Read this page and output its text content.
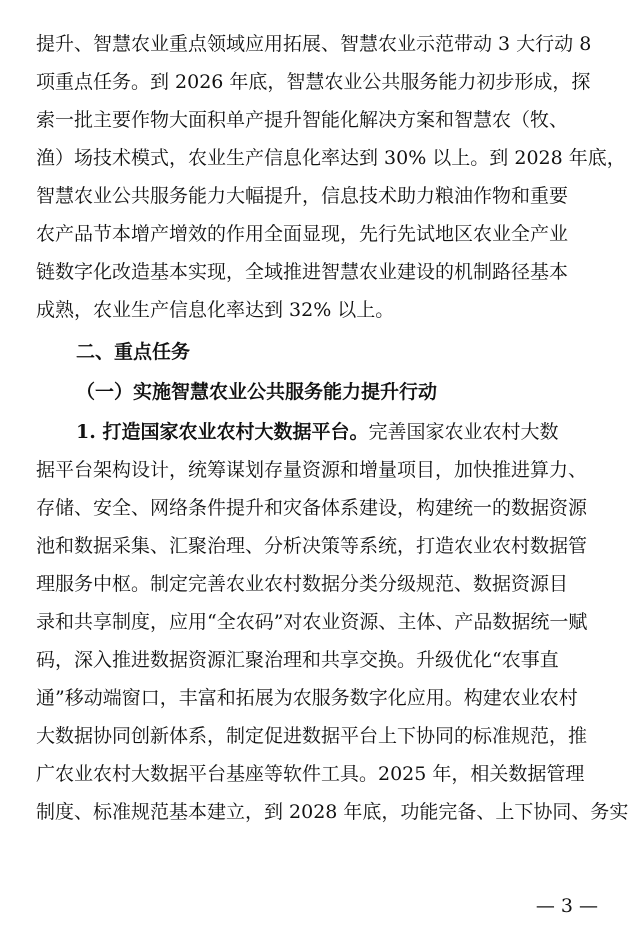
提升、智慧农业重点领域应用拓展、智慧农业示范带动 3 大行动 8
项重点任务。到 2026 年底，智慧农业公共服务能力初步形成，探
索一批主要作物大面积单产提升智能化解决方案和智慧农（牧、
渔）场技术模式，农业生产信息化率达到 30% 以上。到 2028 年底，
智慧农业公共服务能力大幅提升，信息技术助力粮油作物和重要
农产品节本增产增效的作用全面显现，先行先试地区农业全产业
链数字化改造基本实现，全域推进智慧农业建设的机制路径基本
成熟，农业生产信息化率达到 32% 以上。
二、重点任务
（一）实施智慧农业公共服务能力提升行动
1. 打造国家农业农村大数据平台。完善国家农业农村大数
据平台架构设计，统筹谋划存量资源和增量项目，加快推进算力、
存储、安全、网络条件提升和灾备体系建设，构建统一的数据资源
池和数据采集、汇聚治理、分析决策等系统，打造农业农村数据管
理服务中枢。制定完善农业农村数据分类分级规范、数据资源目
录和共享制度，应用“全农码”对农业资源、主体、产品数据统一赋
码，深入推进数据资源汇聚治理和共享交换。升级优化“农事直
通”移动端窗口，丰富和拓展为农服务数字化应用。构建农业农村
大数据协同创新体系，制定促进数据平台上下协同的标准规范，推
广农业农村大数据平台基座等软件工具。2025 年，相关数据管理
制度、标准规范基本建立，到 2028 年底，功能完备、上下协同、务实
— 3 —
